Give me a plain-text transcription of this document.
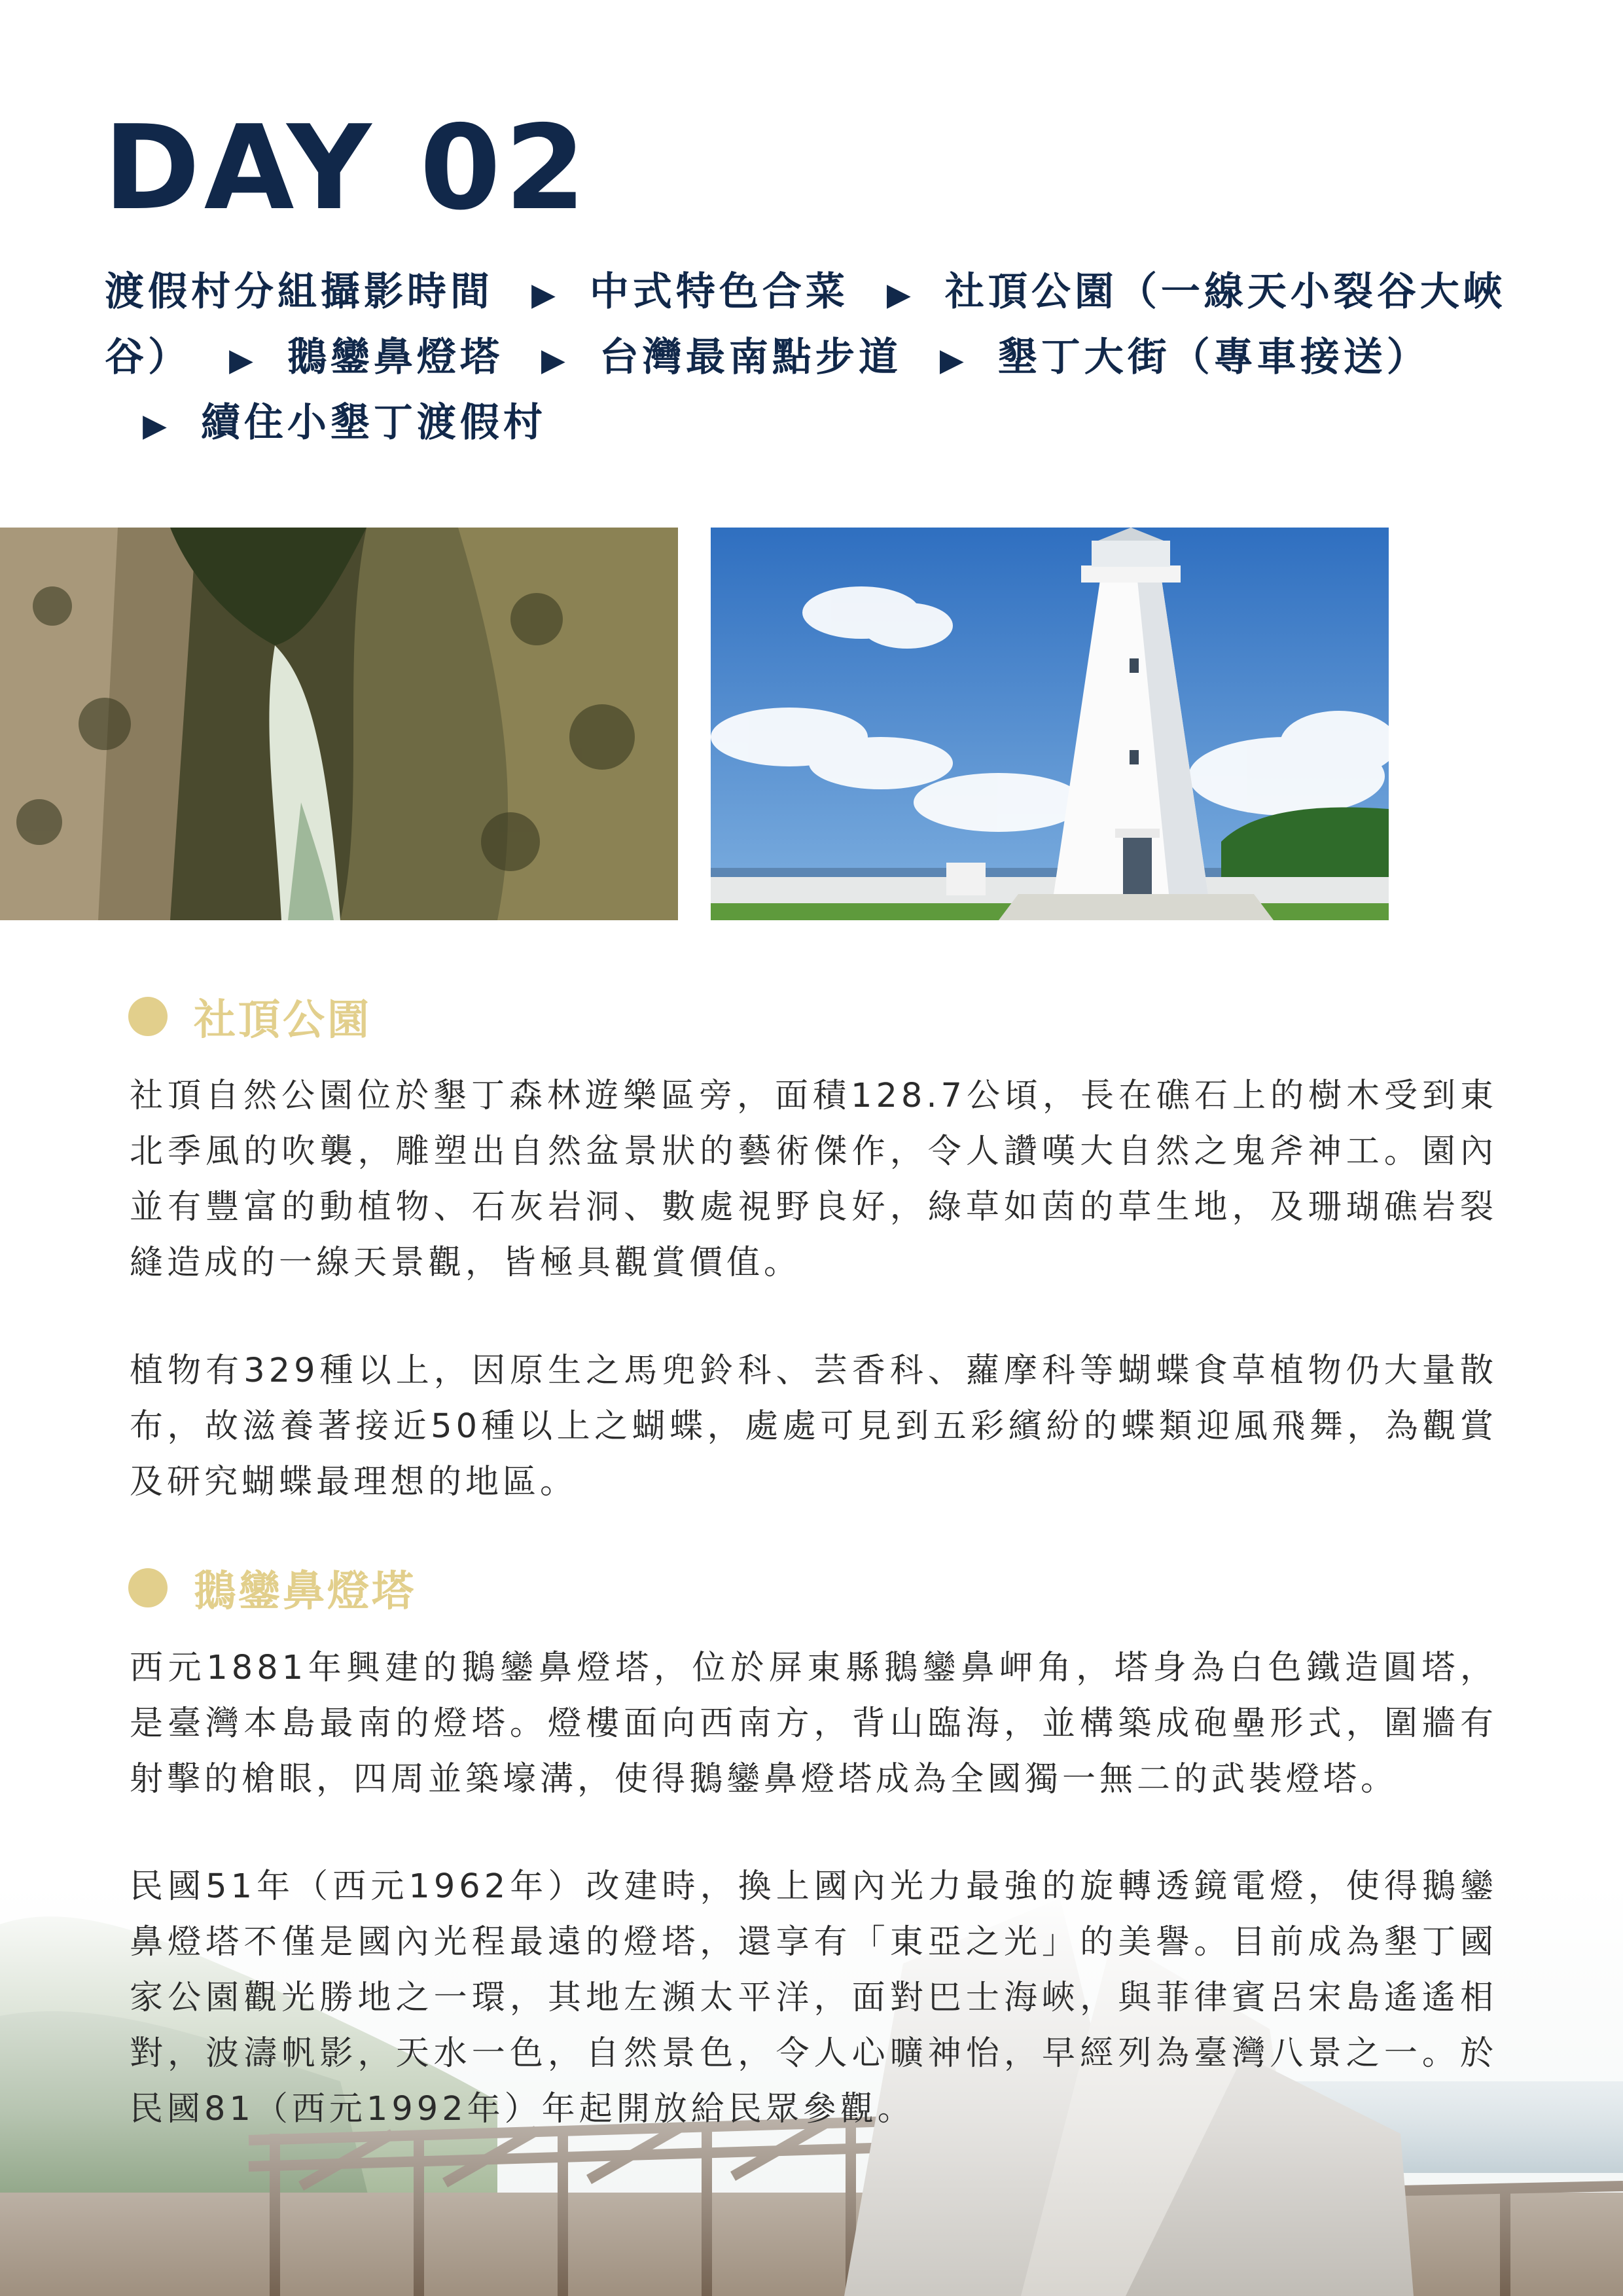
DAY 02
渡假村分組攝影時間 ▶ 中式特色合菜 ▶ 社頂公園（一線天小裂谷大峽谷） ▶ 鵝鑾鼻燈塔 ▶ 台灣最南點步道 ▶ 墾丁大街（專車接送）▶ 續住小墾丁渡假村
社頂公園

社頂自然公園位於墾丁森林遊樂區旁，面積128.7公頃，長在礁石上的樹木受到東北季風的吹襲，雕塑出自然盆景狀的藝術傑作，令人讚嘆大自然之鬼斧神工。園內並有豐富的動植物、石灰岩洞、數處視野良好，綠草如茵的草生地，及珊瑚礁岩裂縫造成的一線天景觀，皆極具觀賞價值。

植物有329種以上，因原生之馬兜鈴科、芸香科、蘿摩科等蝴蝶食草植物仍大量散布，故滋養著接近50種以上之蝴蝶，處處可見到五彩繽紛的蝶類迎風飛舞，為觀賞及研究蝴蝶最理想的地區。

鵝鑾鼻燈塔

西元1881年興建的鵝鑾鼻燈塔，位於屏東縣鵝鑾鼻岬角，塔身為白色鐵造圓塔，是臺灣本島最南的燈塔。燈樓面向西南方，背山臨海，並構築成砲壘形式，圍牆有射擊的槍眼，四周並築壕溝，使得鵝鑾鼻燈塔成為全國獨一無二的武裝燈塔。

民國51年（西元1962年）改建時，換上國內光力最強的旋轉透鏡電燈，使得鵝鑾鼻燈塔不僅是國內光程最遠的燈塔，還享有「東亞之光」的美譽。目前成為墾丁國家公園觀光勝地之一環，其地左瀕太平洋，面對巴士海峽，與菲律賓呂宋島遙遙相對，波濤帆影，天水一色，自然景色，令人心曠神怡，早經列為臺灣八景之一。於民國81（西元1992年）年起開放給民眾參觀。
